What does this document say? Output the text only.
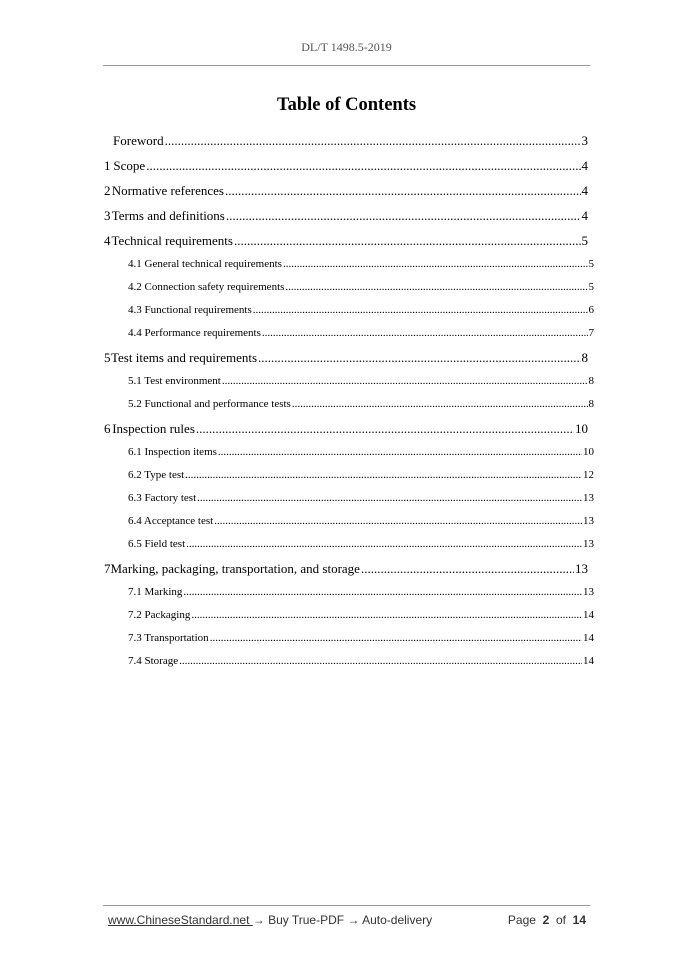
DL/T 1498.5-2019
Table of Contents
Foreword .....	3
1 Scope .....	4
2 Normative references .....	4
3 Terms and definitions .....	4
4 Technical requirements .....	5
4.1 General technical requirements .....	5
4.2 Connection safety requirements .....	5
4.3 Functional requirements .....	6
4.4 Performance requirements .....	7
5 Test items and requirements .....	8
5.1 Test environment .....	8
5.2 Functional and performance tests .....	8
6 Inspection rules .....	10
6.1 Inspection items .....	10
6.2 Type test .....	12
6.3 Factory test .....	13
6.4 Acceptance test .....	13
6.5 Field test .....	13
7 Marking, packaging, transportation, and storage .....	13
7.1 Marking .....	13
7.2 Packaging .....	14
7.3 Transportation .....	14
7.4 Storage .....	14
www.ChineseStandard.net → Buy True-PDF → Auto-delivery	Page 2 of 14
